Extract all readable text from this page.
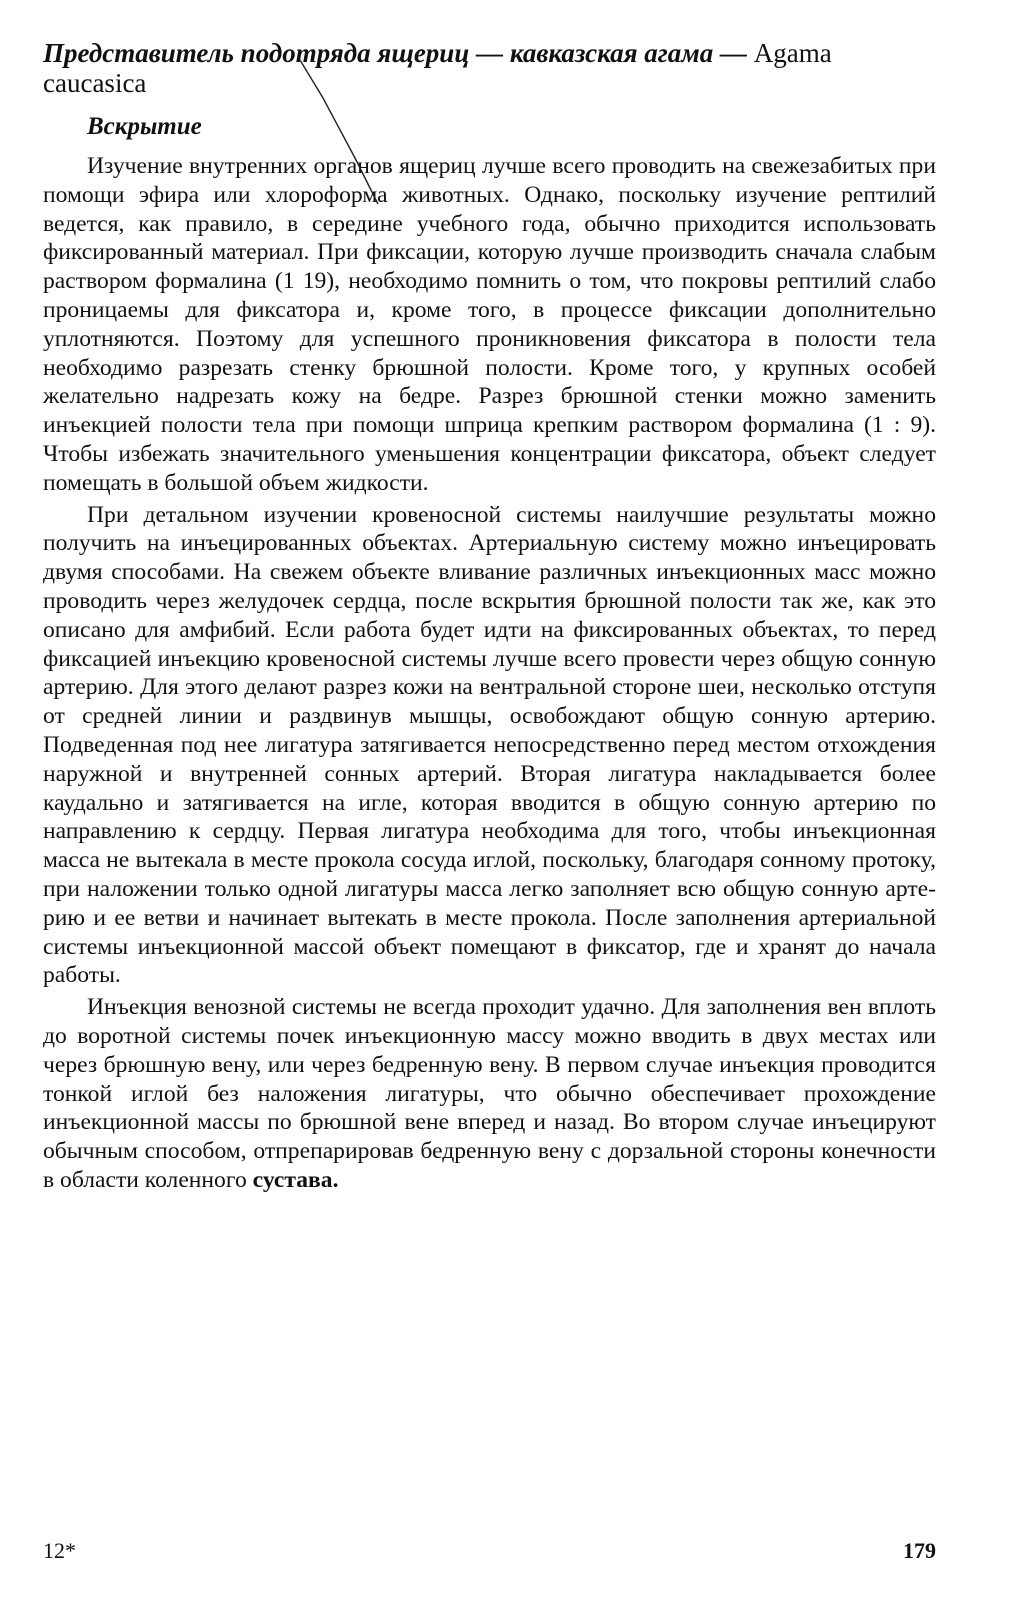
Представитель подотряда ящериц — кавказская агама — Agama caucasica

Вскрытие

Изучение внутренних органов ящериц лучше всего проводить на свежезабитых при помощи эфира или хлороформа животных. Однако, поскольку изучение рептилий ведется, как правило, в середине учебного года, обычно приходится использовать фиксированный материал. При фиксации, которую лучше производить сначала слабым раствором формалина (1 19), необходимо помнить о том, что покровы рептилий слабо проницаемы для фиксатора и, кроме того, в процессе фиксации дополнительно уплотняются. Поэтому для успешного проникновения фиксатора в полости тела необходимо разрезать стенку брюшной полости. Кроме того, у крупных особей желательно надрезать кожу на бедре. Разрез брюшной стенки можно заменить инъекцией полости тела при помощи шприца крепким раствором формалина (1 : 9). Чтобы избежать значительного уменьшения концентрации фиксатора, объект следует помещать в большой объем жидкости.

При детальном изучении кровеносной системы наилучшие результаты можно получить на инъецированных объектах. Артериальную систему можно инъецировать двумя способами. На свежем объекте вливание различных инъекционных масс можно проводить через желудочек сердца, после вскрытия брюшной полости так же, как это описано для амфибий. Если работа будет идти на фиксированных объектах, то перед фиксацией инъекцию кровеносной системы лучше всего провести через общую сонную артерию. Для этого делают разрез кожи на вентральной стороне шеи, несколько отступя от средней линии и раздвинув мышцы, освобождают общую сонную артерию. Подведенная под нее лигатура затягивается непосредственно перед местом отхождения наружной и внутренней сонных артерий. Вторая лигатура накладывается более каудально и затягивается на игле, которая вводится в общую сонную артерию по направлению к сердцу. Первая лигатура необходима для того, чтобы инъекционная масса не вытекала в месте прокола сосуда иглой, поскольку, благодаря сонному протоку, при наложении только одной лигатуры масса легко заполняет всю общую сонную артерию и ее ветви и начинает вытекать в месте прокола. После заполнения артериальной системы инъекционной массой объект помещают в фиксатор, где и хранят до начала работы.

Инъекция венозной системы не всегда проходит удачно. Для заполнения вен вплоть до воротной системы почек инъекционную массу можно вводить в двух местах или через брюшную вену, или через бедренную вену. В первом случае инъекция проводится тонкой иглой без наложения лигатуры, что обычно обеспечивает прохождение инъекционной массы по брюшной вене вперед и назад. Во втором случае инъецируют обычным способом, отпрепарировав бедренную вену с дорзальной стороны конечности в области коленного сустава.

12*	179
